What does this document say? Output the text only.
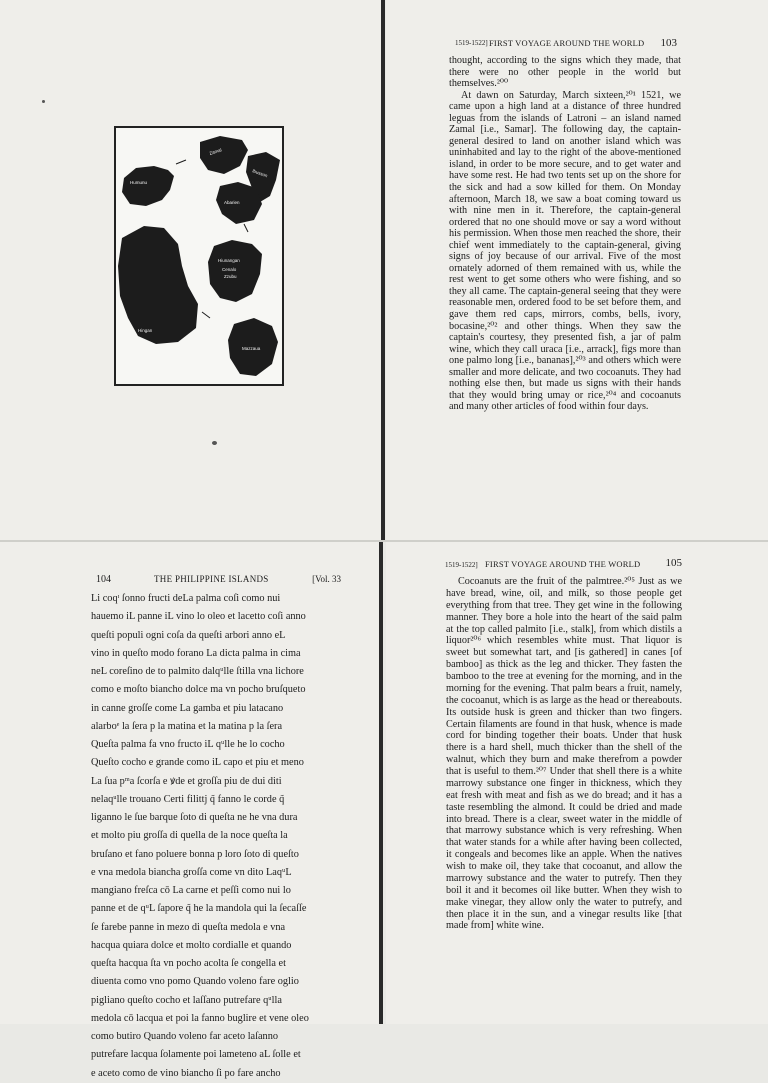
1519-1522] FIRST VOYAGE AROUND THE WORLD 103

thought, according to the signs which they made, that there were no other people in the world but themselves.²⁰⁰

At dawn on Saturday, March sixteen,²⁰¹ 1521, we came upon a high land at a distance of three hundred leguas from the islands of Latroni – an island named Zamal [i.e., Samar]. The following day, the captain-general desired to land on another island which was uninhabited and lay to the right of the above-mentioned island, in order to be more secure, and to get water and have some rest. He had two tents set up on the shore for the sick and had a sow killed for them. On Monday afternoon, March 18, we saw a boat coming toward us with nine men in it. Therefore, the captain-general ordered that no one should move or say a word without his permission. When those men reached the shore, their chief went immediately to the captain-general, giving signs of joy because of our arrival. Five of the most ornately adorned of them remained with us, while the rest went to get some others who were fishing, and so they all came. The captain-general seeing that they were reasonable men, ordered food to be set before them, and gave them red caps, mirrors, combs, bells, ivory, bocasine,²⁰² and other things. When they saw the captain's courtesy, they presented fish, a jar of palm wine, which they call uraca [i.e., arrack], figs more than one palmo long [i.e., bananas],²⁰³ and others which were smaller and more delicate, and two cocoanuts. They had nothing else then, but made us signs with their hands that they would bring umay or rice,²⁰⁴ and cocoanuts and many other articles of food within four days.

Humunu
Zamal
Ibusson
Abarien
Hiunangan
Cenalo
Zzubu
Hingan
Mazzaua
104	THE PHILIPPINE ISLANDS	[Vol. 33
Li coqᶦ ſonno fructi deLa palma coſi como nui
hauemo iL panne iL vino lo oleo et lacetto coſi anno
queſti populi ogni coſa da queſti arbori anno eL
vino in queſto modo forano La dicta palma in cima
neL coreſino de to palmito dalqᵘlle ſtilla vna lichore
como e moſto biancho dolce ma vn pocho bruſqueto
in canne groſſe come La gamba et piu latacano
alarboᵉ la ſera p la matina et la matina p la ſera
Queſta palma fa vno fructo iL qᵘlle he lo cocho
Queſto cocho e grande como iL capo et piu et meno
La ſua pᵐa ſcorſa e ꝟde et groſſa piu de dui diti
nelaqᵘlle trouano Certi filittj q̃ fanno le corde q̃
liganno le ſue barque ſoto di queſta ne he vna dura
et molto piu groſſa di quella de la noce queſta la
bruſano et fano poluere bonna p loro ſoto di queſto
e vna medola biancha groſſa come vn dito LaqᵘL
mangiano freſca cō La carne et peſſi como nui lo
panne et de qᵘL ſapore q̃ he la mandola qui la ſecaſſe
ſe farebe panne in mezo di queſta medola e vna
hacqua quiara dolce et molto cordialle et quando
queſta hacqua ſta vn pocho acolta ſe congella et
diuenta como vno pomo Quando voleno fare oglio
pigliano queſto cocho et laſſano putrefare qᵘlla
medola cō lacqua et poi la fanno buglire et vene oleo
como butiro Quando voleno far aceto laſanno
putrefare lacqua ſolamente poi lameteno aL ſolle et
e aceto como de vino biancho ſi po fare ancho
1519-1522] FIRST VOYAGE AROUND THE WORLD 105

Cocoanuts are the fruit of the palmtree.²⁰⁵ Just as we have bread, wine, oil, and milk, so those people get everything from that tree. They get wine in the following manner. They bore a hole into the heart of the said palm at the top called palmito [i.e., stalk], from which distils a liquor²⁰⁶ which resembles white must. That liquor is sweet but somewhat tart, and [is gathered] in canes [of bamboo] as thick as the leg and thicker. They fasten the bamboo to the tree at evening for the morning, and in the morning for the evening. That palm bears a fruit, namely, the cocoanut, which is as large as the head or thereabouts. Its outside husk is green and thicker than two fingers. Certain filaments are found in that husk, whence is made cord for binding together their boats. Under that husk there is a hard shell, much thicker than the shell of the walnut, which they burn and make therefrom a powder that is useful to them.²⁰⁷ Under that shell there is a white marrowy substance one finger in thickness, which they eat fresh with meat and fish as we do bread; and it has a taste resembling the almond. It could be dried and made into bread. There is a clear, sweet water in the middle of that marrowy substance which is very refreshing. When that water stands for a while after having been collected, it congeals and becomes like an apple. When the natives wish to make oil, they take that cocoanut, and allow the marrowy substance and the water to putrefy. Then they boil it and it becomes oil like butter. When they wish to make vinegar, they allow only the water to putrefy, and then place it in the sun, and a vinegar results like [that made from] white wine.
